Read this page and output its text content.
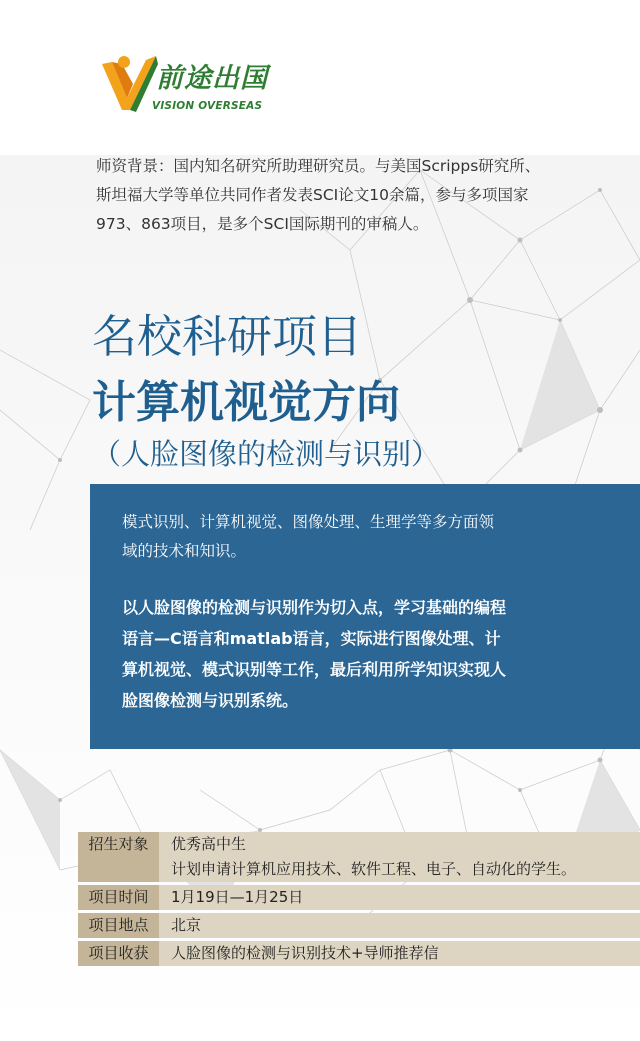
前途出国
VISION OVERSEAS
师资背景：国内知名研究所助理研究员。与美国Scripps研究所、
斯坦福大学等单位共同作者发表SCI论文10余篇，参与多项国家
973、863项目，是多个SCI国际期刊的审稿人。
名校科研项目
计算机视觉方向
（人脸图像的检测与识别）
模式识别、计算机视觉、图像处理、生理学等多方面领
域的技术和知识。
以人脸图像的检测与识别作为切入点，学习基础的编程
语言—C语言和matlab语言，实际进行图像处理、计
算机视觉、模式识别等工作，最后利用所学知识实现人
脸图像检测与识别系统。
招生对象	优秀高中生
计划申请计算机应用技术、软件工程、电子、自动化的学生。

项目时间	1月19日—1月25日

项目地点	北京

项目收获	人脸图像的检测与识别技术+导师推荐信
